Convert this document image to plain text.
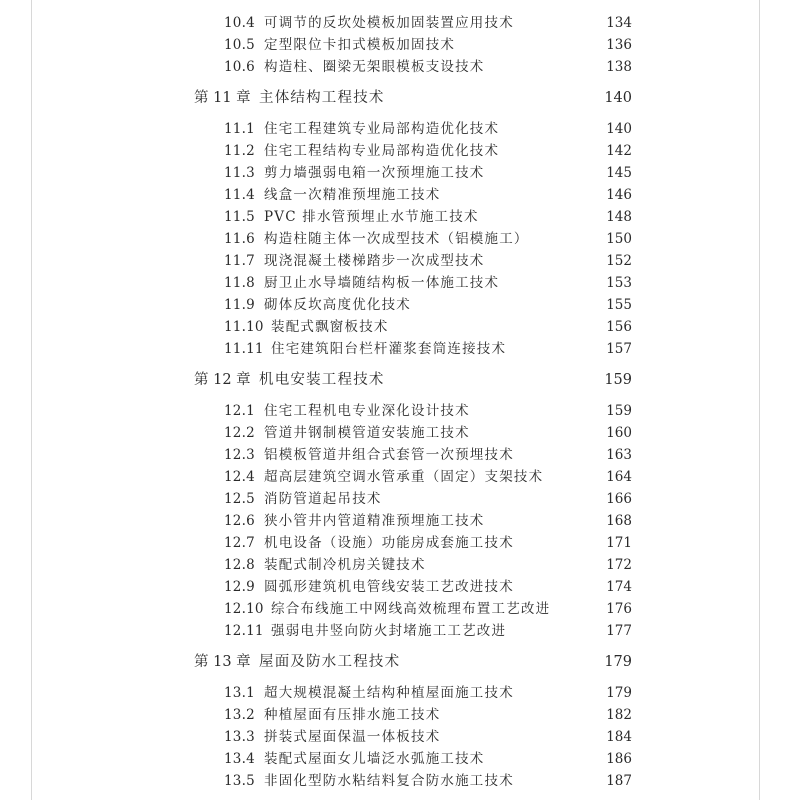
10.4 可调节的反坎处模板加固装置应用技术	134
10.5 定型限位卡扣式模板加固技术	136
10.6 构造柱、圈梁无架眼模板支设技术	138
第 11 章 主体结构工程技术	140
11.1 住宅工程建筑专业局部构造优化技术	140
11.2 住宅工程结构专业局部构造优化技术	142
11.3 剪力墙强弱电箱一次预埋施工技术	145
11.4 线盒一次精准预埋施工技术	146
11.5 PVC 排水管预埋止水节施工技术	148
11.6 构造柱随主体一次成型技术（铝模施工）	150
11.7 现浇混凝土楼梯踏步一次成型技术	152
11.8 厨卫止水导墙随结构板一体施工技术	153
11.9 砌体反坎高度优化技术	155
11.10 装配式飘窗板技术	156
11.11 住宅建筑阳台栏杆灌浆套筒连接技术	157
第 12 章 机电安装工程技术	159
12.1 住宅工程机电专业深化设计技术	159
12.2 管道井钢制模管道安装施工技术	160
12.3 铝模板管道井组合式套管一次预埋技术	163
12.4 超高层建筑空调水管承重（固定）支架技术	164
12.5 消防管道起吊技术	166
12.6 狭小管井内管道精准预埋施工技术	168
12.7 机电设备（设施）功能房成套施工技术	171
12.8 装配式制冷机房关键技术	172
12.9 圆弧形建筑机电管线安装工艺改进技术	174
12.10 综合布线施工中网线高效梳理布置工艺改进	176
12.11 强弱电井竖向防火封堵施工工艺改进	177
第 13 章 屋面及防水工程技术	179
13.1 超大规模混凝土结构种植屋面施工技术	179
13.2 种植屋面有压排水施工技术	182
13.3 拼装式屋面保温一体板技术	184
13.4 装配式屋面女儿墙泛水弧施工技术	186
13.5 非固化型防水粘结料复合防水施工技术	187
